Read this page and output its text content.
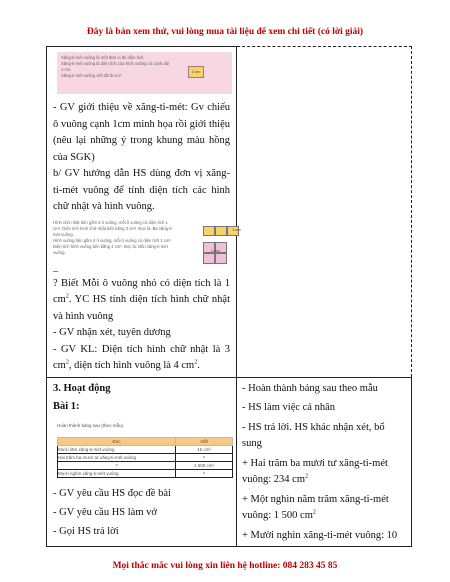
Đây là bản xem thử, vui lòng mua tài liệu để xem chi tiết (có lời giải)
Xăng-ti-mét vuông là một đơn vị đo diện tích.
Xăng-ti-mét vuông là diện tích của hình vuông có cạnh dài 1 cm.
Xăng-ti-mét vuông viết tắt là cm²
1 cm²

- GV giới thiệu về xăng-ti-mét: Gv chiếu ô vuông cạnh 1cm minh họa rồi giới thiệu (nêu lại những ý trong khung màu hồng của SGK)

b/ GV hướng dẫn HS dùng đơn vị xăng-ti-mét vuông để tính diện tích các hình chữ nhật và hình vuông.

Hình chữ nhật bên gồm 3 ô vuông, mỗi ô vuông có diện tích 1 cm². Diện tích hình chữ nhật bên bằng 3 cm². Đọc là: Ba xăng-ti-mét vuông.
Hình vuông bên gồm 4 ô vuông, mỗi ô vuông có diện tích 1 cm². Diện tích hình vuông bên bằng 4 cm². Đọc là: Bốn xăng-ti-mét vuông.
1 cm²
1 cm²

–

? Biết Mỗi ô vuông nhỏ có diện tích là 1 $cm^2$. YC HS tính diện tích hình chữ nhật và hình vuông

- GV nhận xét, tuyên dương

- GV KL: Diện tích hình chữ nhật là 3 $cm^2$, diện tích hình vuông là 4 $cm^2$.

3. Hoạt động

Bài 1:

Hoàn thành bảng sau (theo mẫu).
Đọc	Viết
Mười lăm xăng-ti-mét vuông	15 cm²
Hai trăm ba mươi tư xăng-ti-mét vuông	?
?	1 500 cm²
Mười nghìn xăng-ti-mét vuông	?

- GV yêu cầu HS đọc đề bài

- GV yêu cầu HS làm vở

- Gọi HS trả lời

- Hoàn thành bảng sau theo mẫu

- HS làm việc cá nhân

- HS trả lời. HS khác nhận xét, bổ sung

+ Hai trăm ba mươi tư xăng-ti-mét vuông: 234 $cm^2$

+ Một nghìn năm trăm xăng-ti-mét vuông: 1 500 $cm^2$

+ Mười nghìn xăng-ti-mét vuông: 10

Mọi thắc mắc vui lòng xin liên hệ hotline: 084 283 45 85
